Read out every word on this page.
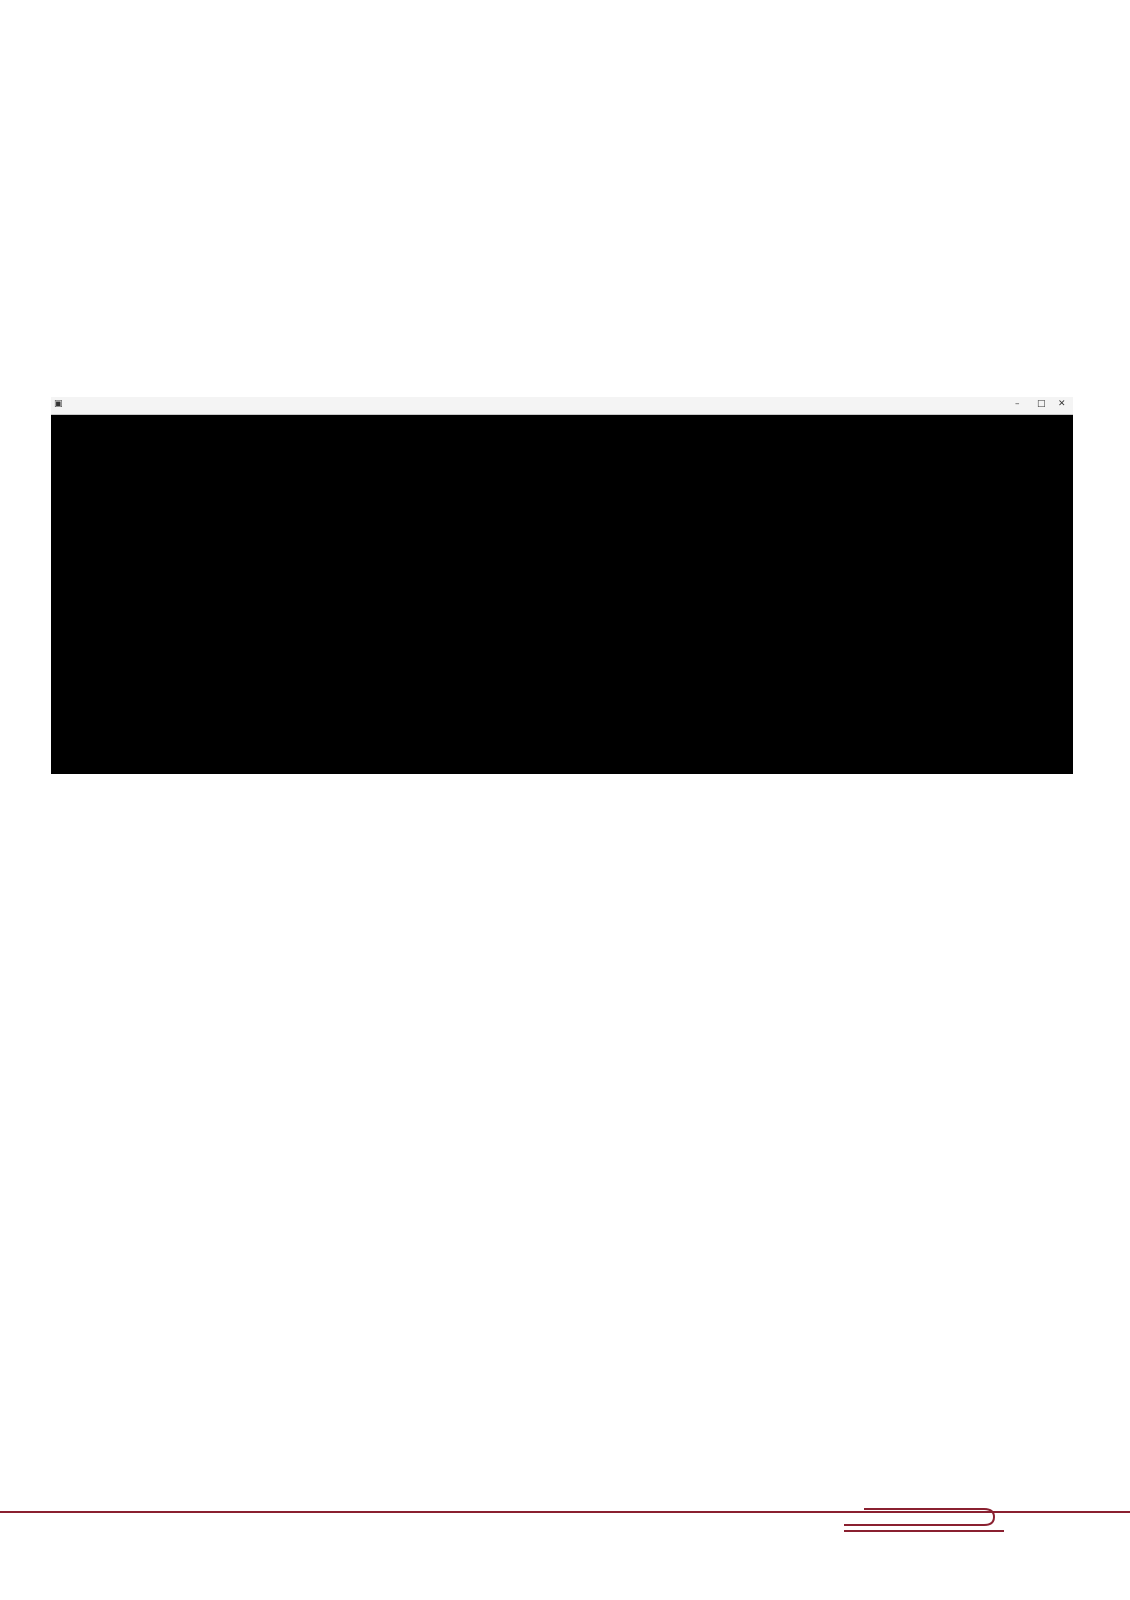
▣	– □ ✕
